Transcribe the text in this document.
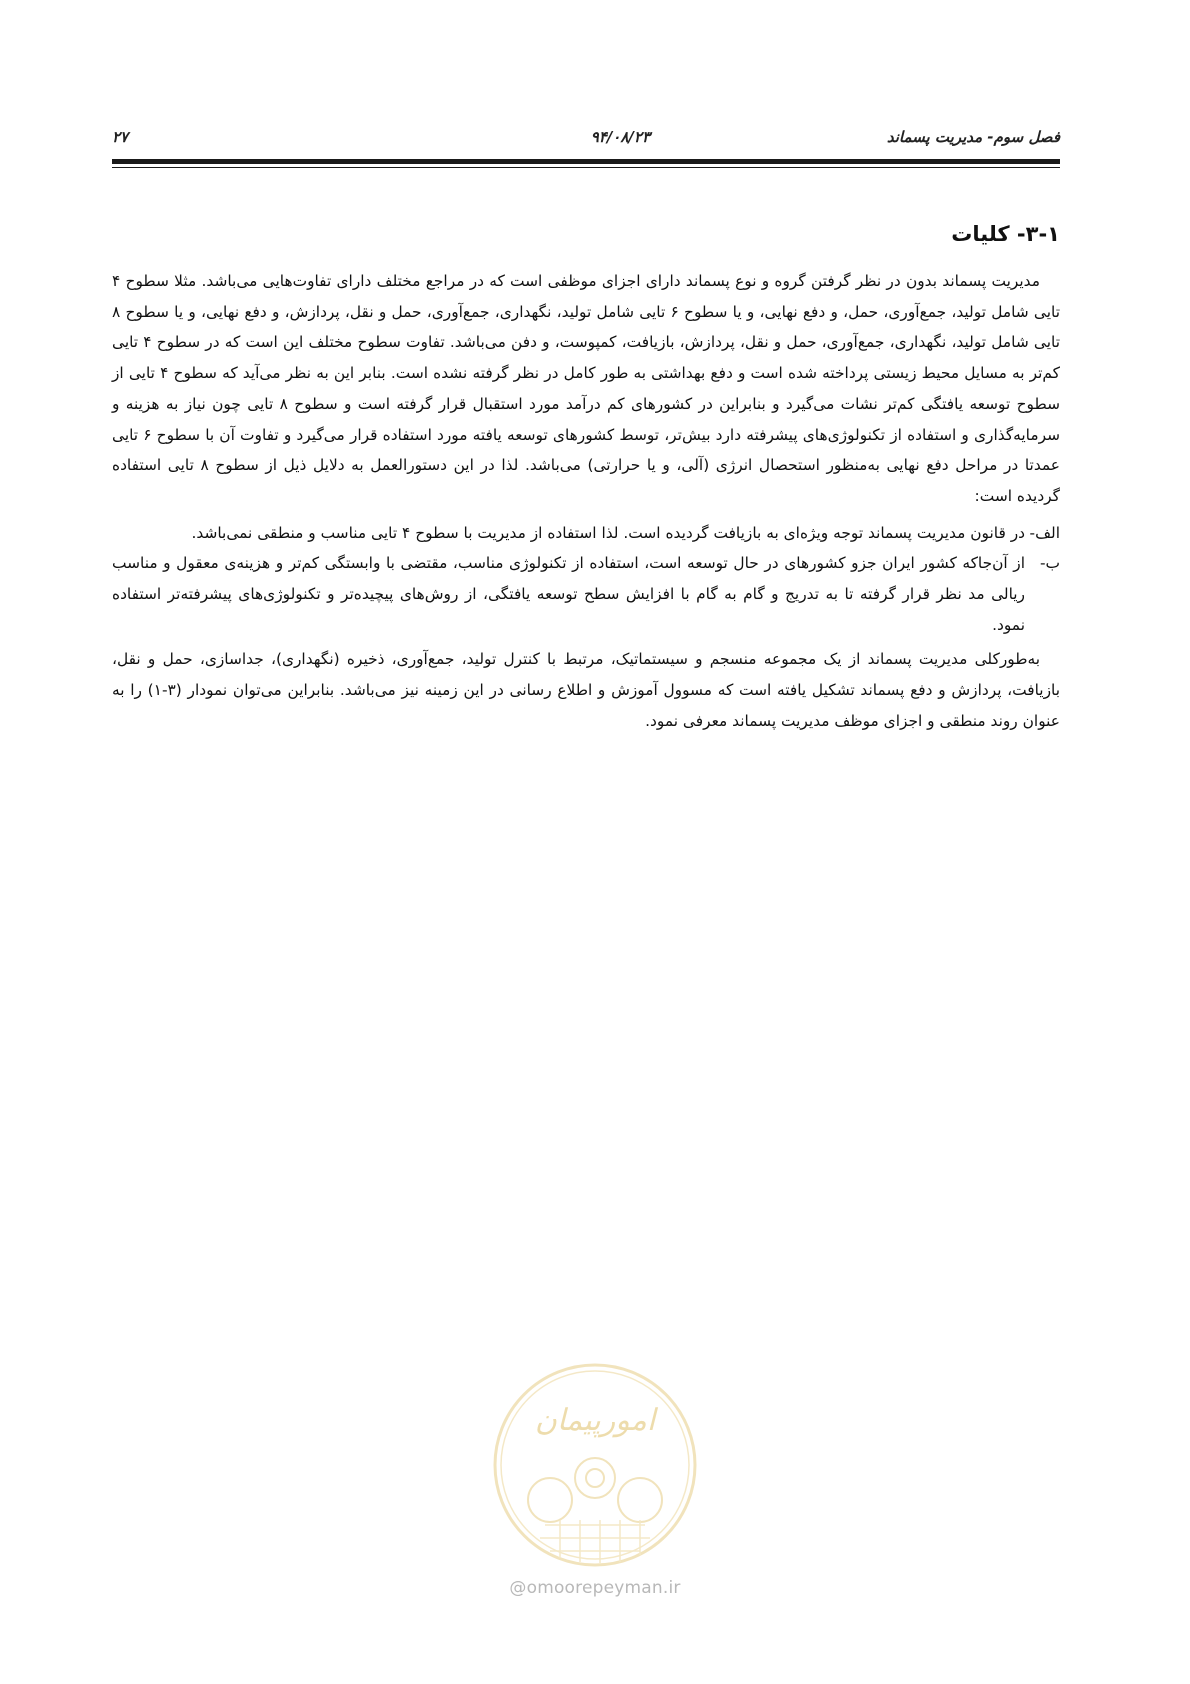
فصل سوم- مدیریت پسماند
۹۴/۰۸/۲۳
۲۷
۳-۱- کلیات

مدیریت پسماند بدون در نظر گرفتن گروه و نوع پسماند دارای اجزای موظفی است که در مراجع مختلف دارای تفاوت‌هایی می‌باشد. مثلا سطوح ۴ تایی شامل تولید، جمع‌آوری، حمل، و دفع نهایی، و یا سطوح ۶ تایی شامل تولید، نگهداری، جمع‌آوری، حمل و نقل، پردازش، و دفع نهایی، و یا سطوح ۸ تایی شامل تولید، نگهداری، جمع‌آوری، حمل و نقل، پردازش، بازیافت، کمپوست، و دفن می‌باشد. تفاوت سطوح مختلف این است که در سطوح ۴ تایی کم‌تر به مسایل محیط زیستی پرداخته شده است و دفع بهداشتی به طور کامل در نظر گرفته نشده است. بنابر این به نظر می‌آید که سطوح ۴ تایی از سطوح توسعه یافتگی کم‌تر نشات می‌گیرد و بنابراین در کشورهای کم درآمد مورد استقبال قرار گرفته است و سطوح ۸ تایی چون نیاز به هزینه و سرمایه‌گذاری و استفاده از تکنولوژی‌های پیشرفته دارد بیش‌تر، توسط کشورهای توسعه یافته مورد استفاده قرار می‌گیرد و تفاوت آن با سطوح ۶ تایی عمدتا در مراحل دفع نهایی به‌منظور استحصال انرژی (آلی، و یا حرارتی) می‌باشد. لذا در این دستورالعمل به دلایل ذیل از سطوح ۸ تایی استفاده گردیده است:

الف-
در قانون مدیریت پسماند توجه ویژه‌ای به بازیافت گردیده است. لذا استفاده از مدیریت با سطوح ۴ تایی مناسب و منطقی نمی‌باشد.
ب-
از آن‌جاکه کشور ایران جزو کشورهای در حال توسعه است، استفاده از تکنولوژی مناسب، مقتضی با وابستگی کم‌تر و هزینه‌ی معقول و مناسب ریالی مد نظر قرار گرفته تا به تدریج و گام به گام با افزایش سطح توسعه یافتگی، از روش‌های پیچیده‌تر و تکنولوژی‌های پیشرفته‌تر استفاده نمود.

به‌طورکلی مدیریت پسماند از یک مجموعه منسجم و سیستماتیک، مرتبط با کنترل تولید، جمع‌آوری، ذخیره (نگهداری)، جداسازی، حمل و نقل، بازیافت، پردازش و دفع پسماند تشکیل یافته است که مسوول آموزش و اطلاع رسانی در این زمینه نیز می‌باشد. بنابراین می‌توان نمودار (۳-۱) را به عنوان روند منطقی و اجزای موظف مدیریت پسماند معرفی نمود.

امورپیمان
@omoorepeyman.ir
